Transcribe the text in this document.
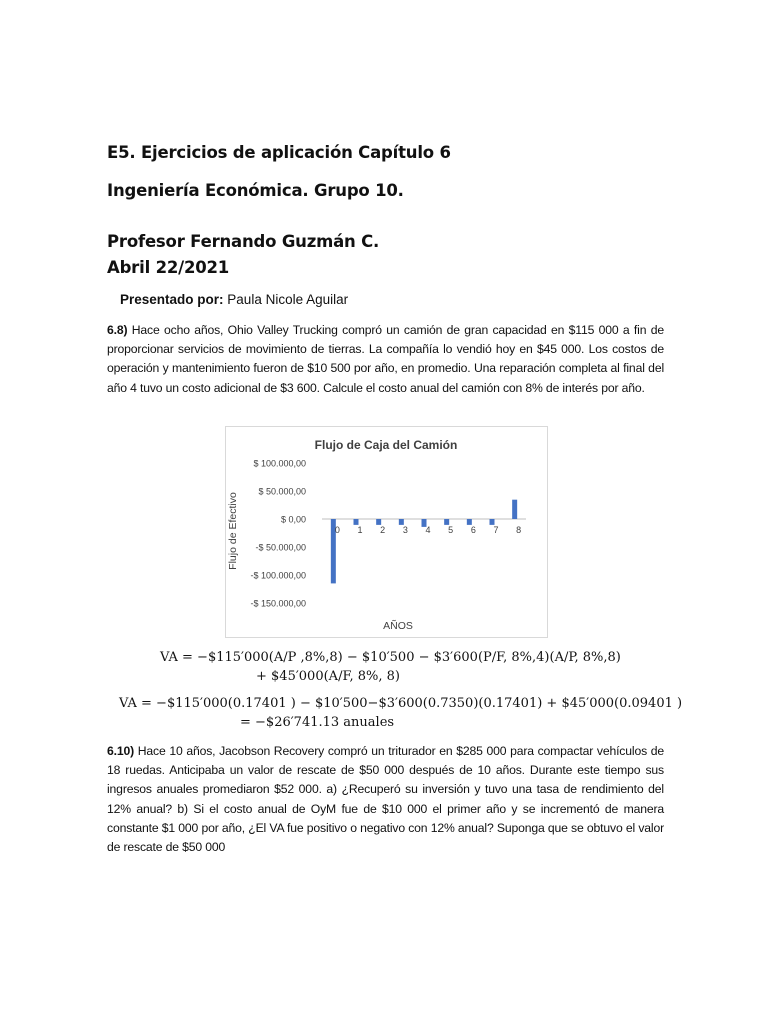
E5. Ejercicios de aplicación Capítulo 6
Ingeniería Económica. Grupo 10.
Profesor Fernando Guzmán C.
Abril 22/2021
Presentado por: Paula Nicole Aguilar

6.8) Hace ocho años, Ohio Valley Trucking compró un camión de gran capacidad en $115 000 a fin de proporcionar servicios de movimiento de tierras. La compañía lo vendió hoy en $45 000. Los costos de operación y mantenimiento fueron de $10 500 por año, en promedio. Una reparación completa al final del año 4 tuvo un costo adicional de $3 600. Calcule el costo anual del camión con 8% de interés por año.

Flujo de Caja del Camión
AÑOS
Flujo de Efectivo
$ 100.000,00
$ 50.000,00
$ 0,00
-$ 50.000,00
-$ 100.000,00
-$ 150.000,00
0 1 2 3 4 5 6 7 8
VA = −$115′000(A/P ,8%,8) − $10′500 − $3′600(P/F, 8%,4)(A/P, 8%,8)
+ $45′000(A/F, 8%, 8)
VA = −$115′000(0.17401 ) − $10′500−$3′600(0.7350)(0.17401) + $45′000(0.09401 )
= −$26′741.13 anuales

6.10) Hace 10 años, Jacobson Recovery compró un triturador en $285 000 para compactar vehículos de 18 ruedas. Anticipaba un valor de rescate de $50 000 después de 10 años. Durante este tiempo sus ingresos anuales promediaron $52 000. a) ¿Recuperó su inversión y tuvo una tasa de rendimiento del 12% anual? b) Si el costo anual de OyM fue de $10 000 el primer año y se incrementó de manera constante $1 000 por año, ¿El VA fue positivo o negativo con 12% anual? Suponga que se obtuvo el valor de rescate de $50 000
